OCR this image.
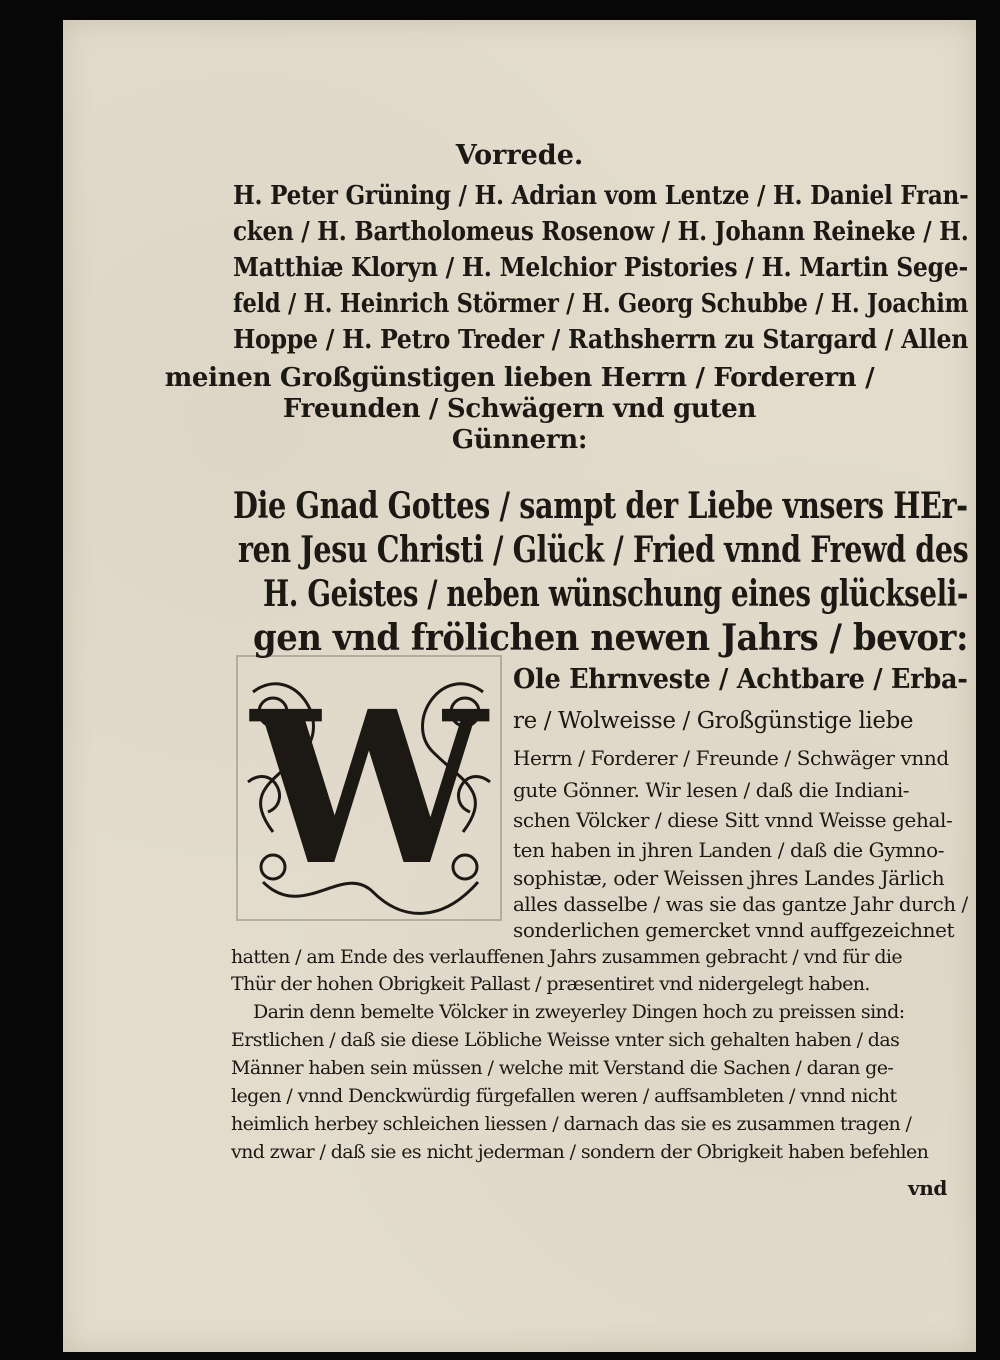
Vorrede.
H. Peter Grüning / H. Adrian vom Lentze / H. Daniel Fran-
cken / H. Bartholomeus Rosenow / H. Johann Reineke / H.
Matthiæ Kloryn / H. Melchior Pistories / H. Martin Sege-
feld / H. Heinrich Störmer / H. Georg Schubbe / H. Joachim
Hoppe / H. Petro Treder / Rathsherrn zu Stargard / Allen
meinen Großgünstigen lieben Herrn / Forderern /
Freunden / Schwägern vnd guten
Günnern:
Die Gnad Gottes / sampt der Liebe vnsers HEr-
ren Jesu Christi / Glück / Fried vnnd Frewd des
H. Geistes / neben wünschung eines glückseli-
gen vnd frölichen newen Jahrs / bevor:
W Ole Ehrnveste / Achtbare / Erba-
re / Wolweisse / Großgünstige liebe
Herrn / Forderer / Freunde / Schwäger vnnd
gute Gönner. Wir lesen / daß die Indiani-
schen Völcker / diese Sitt vnnd Weisse gehal-
ten haben in jhren Landen / daß die Gymno-
sophistæ, oder Weissen jhres Landes Järlich
alles dasselbe / was sie das gantze Jahr durch /
sonderlichen gemercket vnnd auffgezeichnet
hatten / am Ende des verlauffenen Jahrs zusammen gebracht / vnd für die
Thür der hohen Obrigkeit Pallast / præsentiret vnd nidergelegt haben.
Darin denn bemelte Völcker in zweyerley Dingen hoch zu preissen sind:
Erstlichen / daß sie diese Löbliche Weisse vnter sich gehalten haben / das
Männer haben sein müssen / welche mit Verstand die Sachen / daran ge-
legen / vnnd Denckwürdig fürgefallen weren / auffsambleten / vnnd nicht
heimlich herbey schleichen liessen / darnach das sie es zusammen tragen /
vnd zwar / daß sie es nicht jederman / sondern der Obrigkeit haben befehlen
vnd
